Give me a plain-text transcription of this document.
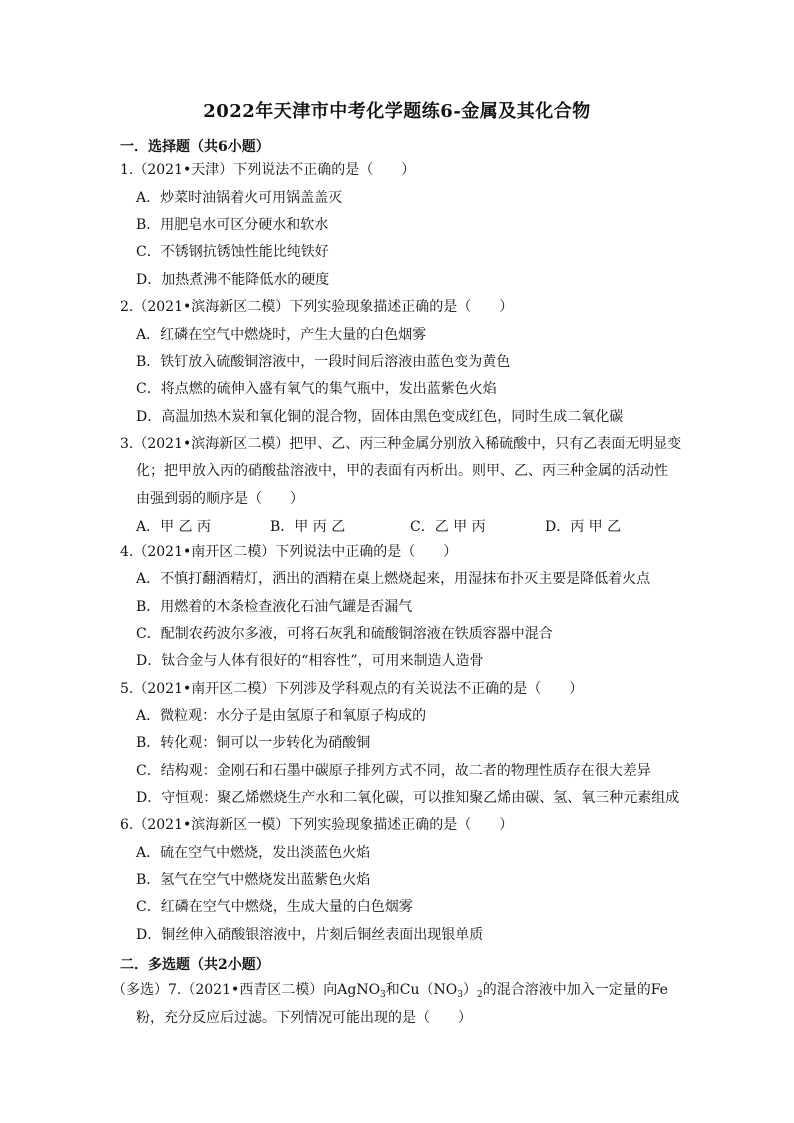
2022年天津市中考化学题练6-金属及其化合物
一．选择题（共6小题）
1.（2021•天津）下列说法不正确的是（　　）
A．炒菜时油锅着火可用锅盖盖灭
B．用肥皂水可区分硬水和软水
C．不锈钢抗锈蚀性能比纯铁好
D．加热煮沸不能降低水的硬度
2.（2021•滨海新区二模）下列实验现象描述正确的是（　　）
A．红磷在空气中燃烧时，产生大量的白色烟雾
B．铁钉放入硫酸铜溶液中，一段时间后溶液由蓝色变为黄色
C．将点燃的硫伸入盛有氧气的集气瓶中，发出蓝紫色火焰
D．高温加热木炭和氧化铜的混合物，固体由黑色变成红色，同时生成二氧化碳
3.（2021•滨海新区二模）把甲、乙、丙三种金属分别放入稀硫酸中，只有乙表面无明显变
化；把甲放入丙的硝酸盐溶液中，甲的表面有丙析出。则甲、乙、丙三种金属的活动性
由强到弱的顺序是（　　）
A．甲 乙 丙	B．甲 丙 乙	C．乙 甲 丙	D．丙 甲 乙
4.（2021•南开区二模）下列说法中正确的是（　　）
A．不慎打翻酒精灯，洒出的酒精在桌上燃烧起来，用湿抹布扑灭主要是降低着火点
B．用燃着的木条检查液化石油气罐是否漏气
C．配制农药波尔多液，可将石灰乳和硫酸铜溶液在铁质容器中混合
D．钛合金与人体有很好的“相容性”，可用来制造人造骨
5.（2021•南开区二模）下列涉及学科观点的有关说法不正确的是（　　）
A．微粒观：水分子是由氢原子和氧原子构成的
B．转化观：铜可以一步转化为硝酸铜
C．结构观：金刚石和石墨中碳原子排列方式不同，故二者的物理性质存在很大差异
D．守恒观：聚乙烯燃烧生产水和二氧化碳，可以推知聚乙烯由碳、氢、氧三种元素组成
6.（2021•滨海新区一模）下列实验现象描述正确的是（　　）
A．硫在空气中燃烧，发出淡蓝色火焰
B．氢气在空气中燃烧发出蓝紫色火焰
C．红磷在空气中燃烧，生成大量的白色烟雾
D．铜丝伸入硝酸银溶液中，片刻后铜丝表面出现银单质
二．多选题（共2小题）
（多选）7.（2021•西青区二模）向AgNO$_3$和$Cu(NO_3)_2$的混合溶液中加入一定量的Fe
粉，充分反应后过滤。下列情况可能出现的是（　　）
